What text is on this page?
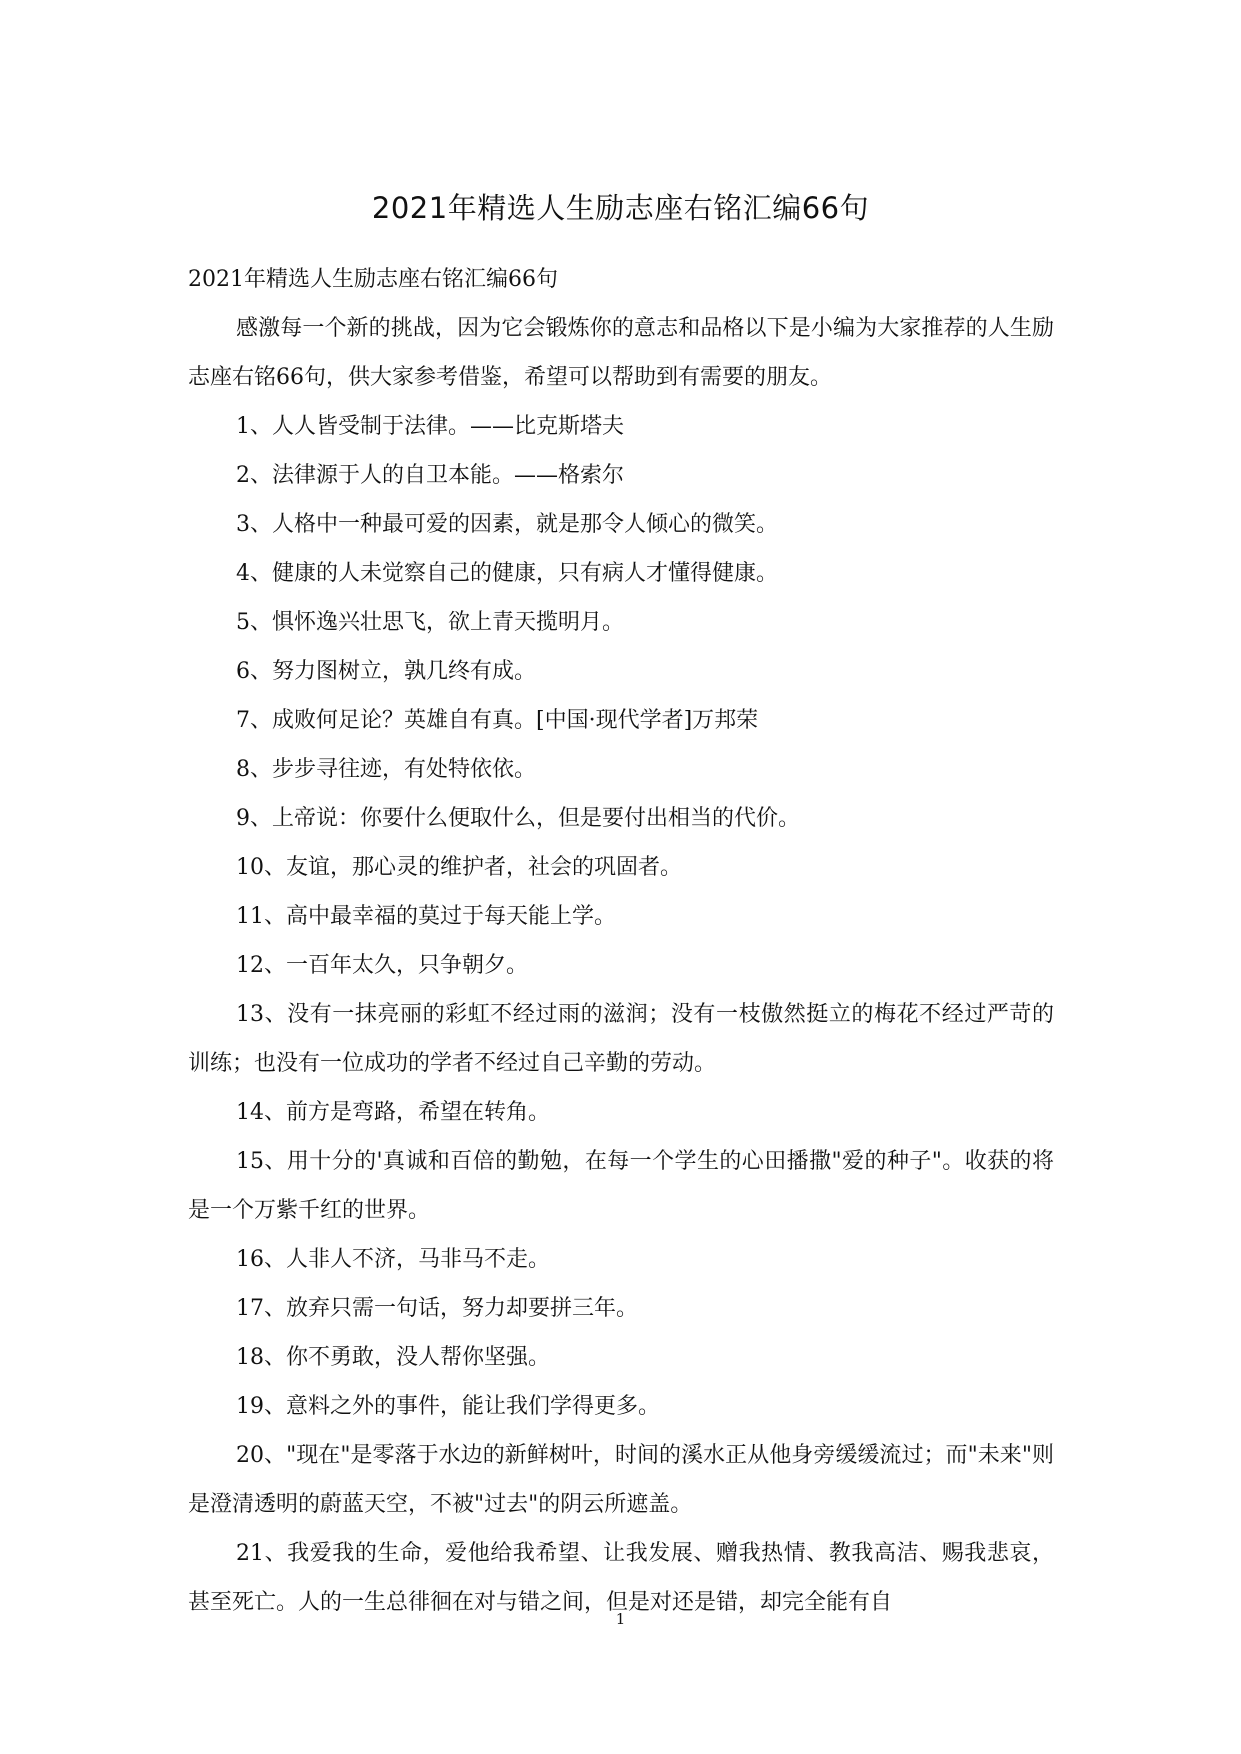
2021年精选人生励志座右铭汇编66句

2021年精选人生励志座右铭汇编66句

感激每一个新的挑战，因为它会锻炼你的意志和品格以下是小编为大家推荐的人生励志座右铭66句，供大家参考借鉴，希望可以帮助到有需要的朋友。

1、人人皆受制于法律。——比克斯塔夫

2、法律源于人的自卫本能。——格索尔

3、人格中一种最可爱的因素，就是那令人倾心的微笑。

4、健康的人未觉察自己的健康，只有病人才懂得健康。

5、惧怀逸兴壮思飞，欲上青天揽明月。

6、努力图树立，孰几终有成。

7、成败何足论？英雄自有真。[中国·现代学者]万邦荣

8、步步寻往迹，有处特依依。

9、上帝说：你要什么便取什么，但是要付出相当的代价。

10、友谊，那心灵的维护者，社会的巩固者。

11、高中最幸福的莫过于每天能上学。

12、一百年太久，只争朝夕。

13、没有一抹亮丽的彩虹不经过雨的滋润；没有一枝傲然挺立的梅花不经过严苛的训练；也没有一位成功的学者不经过自己辛勤的劳动。

14、前方是弯路，希望在转角。

15、用十分的'真诚和百倍的勤勉，在每一个学生的心田播撒"爱的种子"。收获的将是一个万紫千红的世界。

16、人非人不济，马非马不走。

17、放弃只需一句话，努力却要拼三年。

18、你不勇敢，没人帮你坚强。

19、意料之外的事件，能让我们学得更多。

20、"现在"是零落于水边的新鲜树叶，时间的溪水正从他身旁缓缓流过；而"未来"则是澄清透明的蔚蓝天空，不被"过去"的阴云所遮盖。

21、我爱我的生命，爱他给我希望、让我发展、赠我热情、教我高洁、赐我悲哀，甚至死亡。人的一生总徘徊在对与错之间，但是对还是错，却完全能有自

1
